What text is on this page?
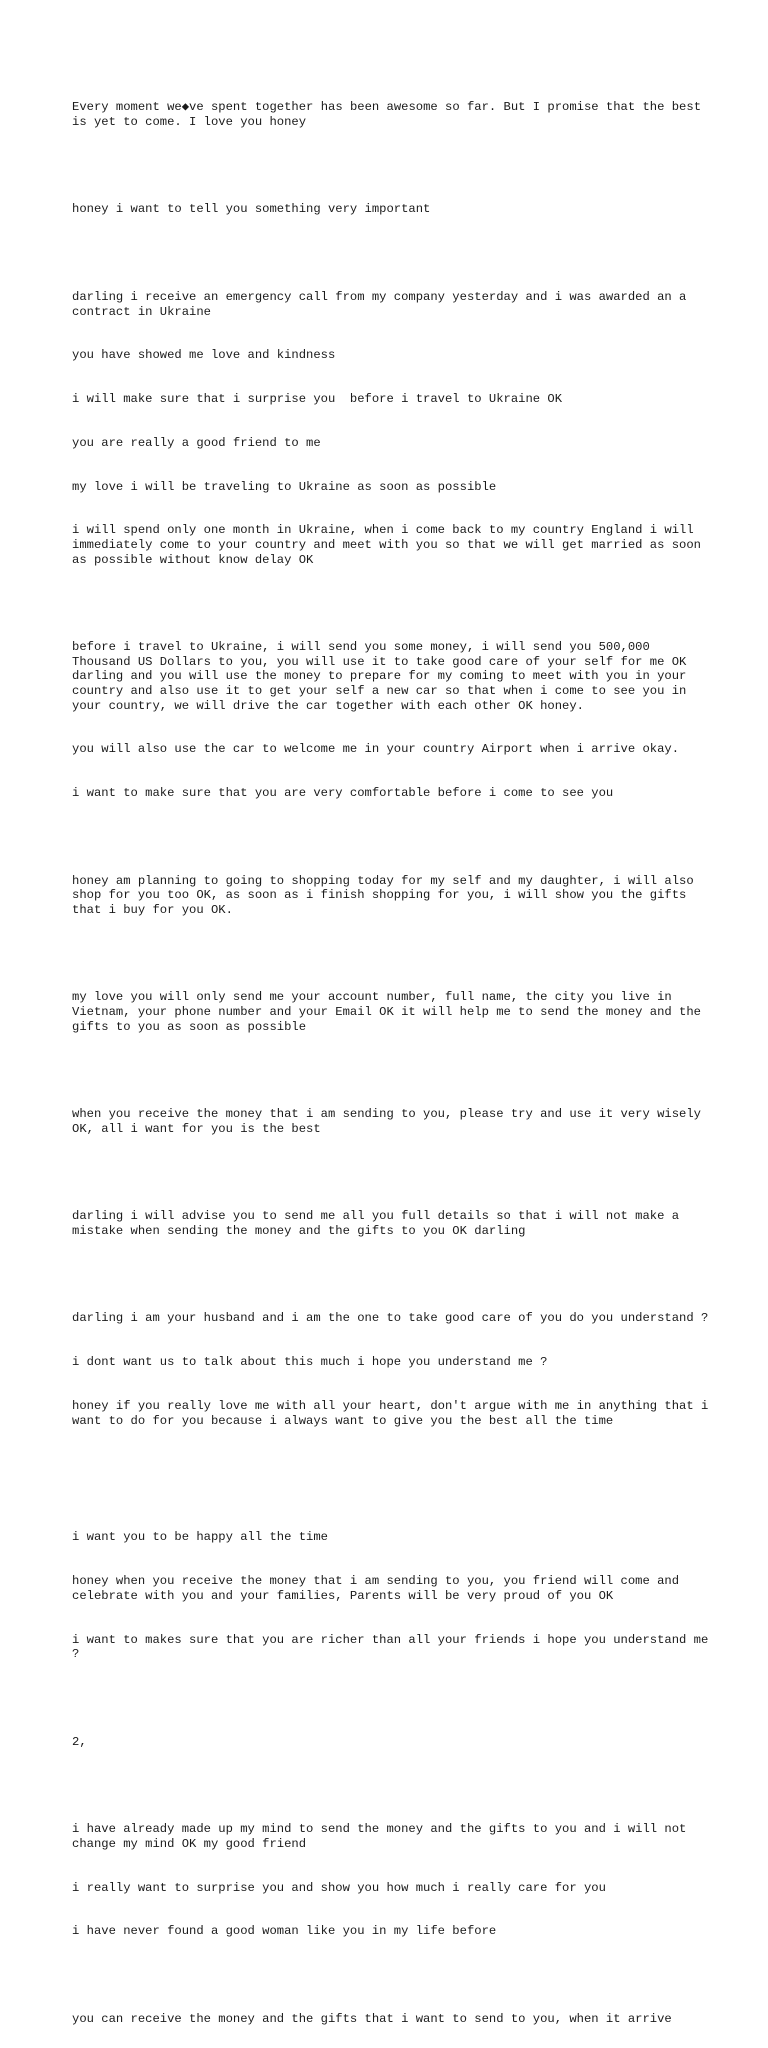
Every moment we◆ve spent together has been awesome so far. But I promise that the best is yet to come. I love you honey

honey i want to tell you something very important

darling i receive an emergency call from my company yesterday and i was awarded an a contract in Ukraine

you have showed me love and kindness

i will make sure that i surprise you  before i travel to Ukraine OK

you are really a good friend to me

my love i will be traveling to Ukraine as soon as possible

i will spend only one month in Ukraine, when i come back to my country England i will immediately come to your country and meet with you so that we will get married as soon as possible without know delay OK

before i travel to Ukraine, i will send you some money, i will send you 500,000 Thousand US Dollars to you, you will use it to take good care of your self for me OK darling and you will use the money to prepare for my coming to meet with you in your country and also use it to get your self a new car so that when i come to see you in your country, we will drive the car together with each other OK honey.

you will also use the car to welcome me in your country Airport when i arrive okay.

i want to make sure that you are very comfortable before i come to see you

honey am planning to going to shopping today for my self and my daughter, i will also shop for you too OK, as soon as i finish shopping for you, i will show you the gifts that i buy for you OK.

my love you will only send me your account number, full name, the city you live in Vietnam, your phone number and your Email OK it will help me to send the money and the gifts to you as soon as possible

when you receive the money that i am sending to you, please try and use it very wisely OK, all i want for you is the best

darling i will advise you to send me all you full details so that i will not make a mistake when sending the money and the gifts to you OK darling

darling i am your husband and i am the one to take good care of you do you understand ?

i dont want us to talk about this much i hope you understand me ?

honey if you really love me with all your heart, don't argue with me in anything that i want to do for you because i always want to give you the best all the time

i want you to be happy all the time

honey when you receive the money that i am sending to you, you friend will come and celebrate with you and your families, Parents will be very proud of you OK

i want to makes sure that you are richer than all your friends i hope you understand me ?

2,

i have already made up my mind to send the money and the gifts to you and i will not change my mind OK my good friend

i really want to surprise you and show you how much i really care for you

i have never found a good woman like you in my life before

you can receive the money and the gifts that i want to send to you, when it arrive
